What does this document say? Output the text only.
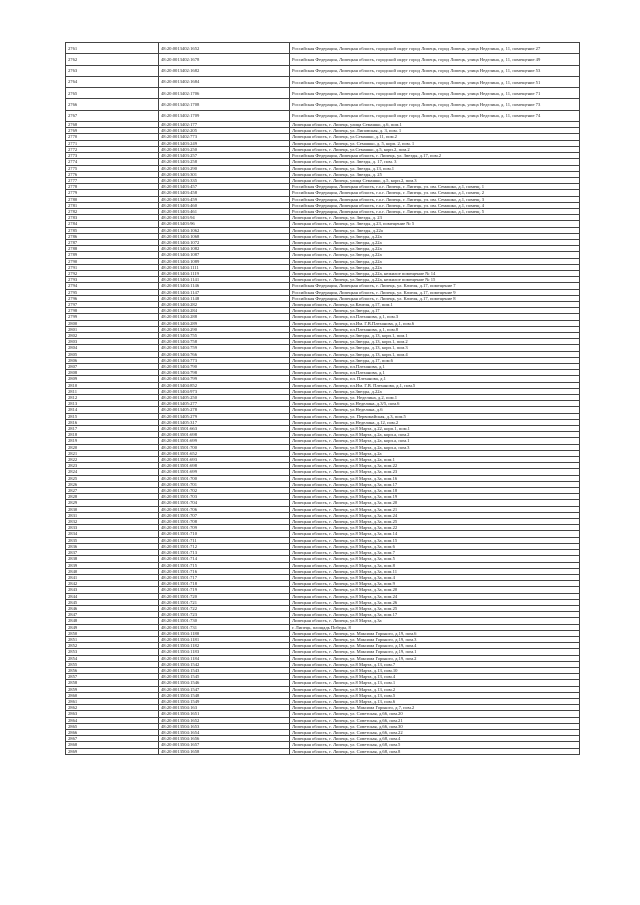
2761	48:20:0013402:1652	Российская Федерация, Липецкая область, городской округ город Липецк, город Липецк, улица Неделина, д. 11, помещение 27
2762	48:20:0013402:1678	Российская Федерация, Липецкая область, городской округ город Липецк, город Липецк, улица Неделина, д. 11, помещение 49
2763	48:20:0013402:1682	Российская Федерация, Липецкая область, городской округ город Липецк, город Липецк, улица Неделина, д. 11, помещение 53
2764	48:20:0013402:1684	Российская Федерация, Липецкая область, городской округ город Липецк, город Липецк, улица Неделина, д. 11, помещение 51
2765	48:20:0013402:1706	Российская Федерация, Липецкая область, городской округ город Липецк, город Липецк, улица Неделина, д. 11, помещение 71
2766	48:20:0013402:1708	Российская Федерация, Липецкая область, городской округ город Липецк, город Липецк, улица Неделина, д. 11, помещение 73
2767	48:20:0013402:1709	Российская Федерация, Липецкая область, городской округ город Липецк, город Липецк, улица Неделина, д. 11, помещение 74
2768	48:20:0013402:177	Липецкая область, г. Липецк, улица Семашко, д.6, пом.1
2769	48:20:0013402:205	Липецкая область, г. Липецк, ул. Липовская, д. 3, пом. 1
2770	48:20:0013402:773	Липецкая область, г. Липецк, ул.Семашко, д.11, пом.2
2771	48:20:0013403:249	Липецкая область, г. Липецк, ул. Семашко, д. 5, корп. 2, пом. 1
2772	48:20:0013403:250	Липецкая область, г. Липецк, ул.Семашко, д.5, корп.2, пом.2
2773	48:20:0013403:257	Российская Федерация, Липецкая область, г. Липецк, ул. Звезды, д.17, пом.2
2774	48:20:0013403:258	Липецкая область, г. Липецк, ул. Звезды, д. 17, пом. 3
2775	48:20:0013403:290	Липецкая область, г. Липецк, ул. Звезды, д.13, пом.1
2776	48:20:0013403:301	Липецкая область, г. Липецк, ул. Звезды, д. 25
2777	48:20:0013403:335	Липецкая область, г. Липецк, улица Семашко, д.5, корп.2, пом.3
2778	48:20:0013403:457	Российская Федерация, Липецкая область, г.о.г. Липецк, г. Липецк, ул. им. Семашко, д.1, помещ. 1
2779	48:20:0013403:458	Российская Федерация, Липецкая область, г.о.г. Липецк, г. Липецк, ул. им. Семашко, д.1, помещ. 2
2780	48:20:0013403:459	Российская Федерация, Липецкая область, г.о.г. Липецк, г. Липецк, ул. им. Семашко, д.1, помещ. 3
2781	48:20:0013403:460	Российская Федерация, Липецкая область, г.о.г. Липецк, г. Липецк, ул. им. Семашко, д.1, помещ. 4
2782	48:20:0013403:461	Российская Федерация, Липецкая область, г.о.г. Липецк, г. Липецк, ул. им. Семашко, д.1, помещ. 5
2783	48:20:0013403:94	Липецкая область, г. Липецк, ул. Звезды, д. 23
2784	48:20:0013403:96	Липецкая область, г. Липецк, ул. Звезды, д.23, помещение № 5
2785	48:20:0013404:1062	Липецкая область, г. Липецк, ул. Звезды, д.22а
2786	48:20:0013404:1068	Липецкая область, г. Липецк, ул.Звезды, д.22а
2787	48:20:0013404:1072	Липецкая область, г. Липецк, ул.Звезды, д.22а
2788	48:20:0013404:1082	Липецкая область, г. Липецк, ул.Звезды, д.22а
2789	48:20:0013404:1087	Липецкая область, г. Липецк, ул.Звезды, д.22а
2790	48:20:0013404:1089	Липецкая область, г. Липецк, ул.Звезды, д.22а
2791	48:20:0013404:1111	Липецкая область, г. Липецк, ул.Звезды, д.22а
2792	48:20:0013404:1119	Липецкая область, г. Липецк, ул.Звезды, д.22а, нежилое помещение № 14
2793	48:20:0013404:1141	Липецкая область, г. Липецк, ул.Звезды, д.22а, нежилое помещение № 15
2794	48:20:0013404:1146	Российская Федерация, Липецкая область, г. Липецк, ул. Качеля, д.17, помещение 7
2795	48:20:0013404:1147	Российская Федерация, Липецкая область, г. Липецк, ул. Качеля, д.17, помещение 9
2796	48:20:0013404:1148	Российская Федерация, Липецкая область, г. Липецк, ул. Качеля, д.17, помещение 8
2797	48:20:0013404:282	Липецкая область, г. Липецк, ул.Качеля, д.17, пом.1
2798	48:20:0013404:284	Липецкая область, г. Липецк, ул.Звезды, д.17
2799	48:20:0013404:288	Липецкая область, г. Липецк, пл.Плеханова, д.1, пом.3
2800	48:20:0013404:289	Липецкая область, г. Липецк, пл.Им. Г.В.Плеханова, д.1, пом.6
2801	48:20:0013404:290	Липецкая область, г. Липецк, пл.Плеханова, д.1, пом.8
2802	48:20:0013404:755	Липецкая область, г. Липецк, ул.Звезды, д.13, корп.1, пом.1
2803	48:20:0013404:758	Липецкая область, г. Липецк, ул.Звезды, д.13, корп.1, пом.2
2804	48:20:0013404:759	Липецкая область, г. Липецк, ул.Звезды, д.13, корп.1, пом.3
2805	48:20:0013404:766	Липецкая область, г. Липецк, ул.Звезды, д.13, корп.1, пом.4
2806	48:20:0013404:773	Липецкая область, г. Липецк, ул.Звезды, д.17, пом.6
2807	48:20:0013404:790	Липецкая область, г. Липецк, пл.Плеханова, д.1
2808	48:20:0013404:798	Липецкая область, г. Липецк, пл.Плеханова, д.1
2809	48:20:0013404:799	Липецкая область, г. Липецк, пл. Плеханова, д.1
2810	48:20:0013404:852	Липецкая область, г. Липецк, пл.Им. Г.В. Плеханова, д.1, пом.5
2811	48:20:0013404:973	Липецкая область, г. Липецк, ул.Звезды, д.22а
2812	48:20:0013405:250	Липецкая область, г. Липецк, ул. Неделина, д.2, пом.1
2813	48:20:0013405:277	Липецкая область, г. Липецк, ул.Неделина, д.3/5, пом.6
2814	48:20:0013405:278	Липецкая область, г. Липецк, ул.Неделина, д.6
2815	48:20:0013405:279	Липецкая область, г. Липецк, ул. Первомайская, д.3, пом.5
2816	48:20:0013405:317	Липецкая область, г. Липецк, ул.Неделина, д.12, пом.2
2817	48:20:0013501:663	Липецкая область, г. Липецк, ул.8 Марта, д.22, корп.1, пом.1
2818	48:20:0013501:698	Липецкая область, г. Липецк, ул.8 Марта, д.2а, корп.а, пом.2
2819	48:20:0013501:699	Липецкая область, г. Липецк, ул.8 Марта, д.2а, корп.а, пом.1
2820	48:20:0013501:700	Липецкая область, г. Липецк, ул.8 Марта, д.2а, корп.а, пом.3
2821	48:20:0013501:652	Липецкая область, г. Липецк, ул.8 Марта, д.2а
2822	48:20:0013501:693	Липецкая область, г. Липецк, ул.8 Марта, д.2а, пом.1
2823	48:20:0013501:698	Липецкая область, г. Липецк, ул.8 Марта, д.3а, пом.22
2824	48:20:0013501:699	Липецкая область, г. Липецк, ул.8 Марта, д.3а, пом.23
2825	48:20:0013501:700	Липецкая область, г. Липецк, ул.8 Марта, д.3а, пом.16
2826	48:20:0013501:701	Липецкая область, г. Липецк, ул.8 Марта, д.3а, пом.17
2827	48:20:0013501:702	Липецкая область, г. Липецк, ул.8 Марта, д.3а, пом.18
2828	48:20:0013501:703	Липецкая область, г. Липецк, ул.8 Марта, д.3а, пом.19
2829	48:20:0013501:704	Липецкая область, г. Липецк, ул.8 Марта, д.3а, пом.20
2830	48:20:0013501:706	Липецкая область, г. Липецк, ул.8 Марта, д.3а, пом.21
2831	48:20:0013501:707	Липецкая область, г. Липецк, ул.8 Марта, д.3а, пом.24
2832	48:20:0013501:708	Липецкая область, г. Липецк, ул.8 Марта, д.3а, пом.25
2833	48:20:0013501:709	Липецкая область, г. Липецк, ул.8 Марта, д.3а, пом.22
2834	48:20:0013501:710	Липецкая область, г. Липецк, ул.8 Марта, д.3а, пом.14
2835	48:20:0013501:711	Липецкая область, г. Липецк, ул.8 Марта, д.3а, пом.15
2836	48:20:0013501:712	Липецкая область, г. Липецк, ул.8 Марта, д.3а, пом.6
2837	48:20:0013501:713	Липецкая область, г. Липецк, ул.8 Марта, д.3а, пом.7
2838	48:20:0013501:714	Липецкая область, г. Липецк, ул.8 Марта, д.3а, пом.5
2839	48:20:0013501:715	Липецкая область, г. Липецк, ул.8 Марта, д.3а, пом.8
2840	48:20:0013501:716	Липецкая область, г. Липецк, ул.8 Марта, д.3а, пом.11
2841	48:20:0013501:717	Липецкая область, г. Липецк, ул.8 Марта, д.3а, пом.4
2842	48:20:0013501:718	Липецкая область, г. Липецк, ул.8 Марта, д.3а, пом.9
2843	48:20:0013501:719	Липецкая область, г. Липецк, ул.8 Марта, д.3а, пом.20
2844	48:20:0013501:720	Липецкая область, г. Липецк, ул.8 Марта, д.3а, пом.24
2845	48:20:0013501:721	Липецкая область, г. Липецк, ул.8 Марта, д.3а, пом.26
2846	48:20:0013501:722	Липецкая область, г. Липецк, ул.8 Марта, д.3а, пом.25
2847	48:20:0013501:723	Липецкая область, г. Липецк, ул.8 Марта, д.3а, пом.17
2848	48:20:0013501:730	Липецкая область, г. Липецк, ул.8 Марта, д.3а
2849	48:20:0013501:731	г. Липецк, площадь Победы, 8
2850	48:20:0013504:1180	Липецкая область, г. Липецк, ул. Максима Горького, д.19, пом.6
2851	48:20:0013504:1181	Липецкая область, г. Липецк, ул. Максима Горького, д.19, пом.3
2852	48:20:0013504:1182	Липецкая область, г. Липецк, ул. Максима Горького, д.19, пом.4
2853	48:20:0013504:1183	Липецкая область, г. Липецк, ул. Максима Горького, д.19, пом.1
2854	48:20:0013504:1184	Липецкая область, г. Липецк, ул. Максима Горького, д.19, пом.2
2855	48:20:0013504:1542	Липецкая область, г. Липецк, ул.8 Марта, д.13, пом.7
2856	48:20:0013504:1543	Липецкая область, г. Липецк, ул.8 Марта, д.13, пом.10
2857	48:20:0013504:1545	Липецкая область, г. Липецк, ул.8 Марта, д.13, пом.4
2858	48:20:0013504:1546	Липецкая область, г. Липецк, ул.8 Марта, д.13, пом.1
2859	48:20:0013504:1547	Липецкая область, г. Липецк, ул.8 Марта, д.13, пом.2
2860	48:20:0013504:1548	Липецкая область, г. Липецк, ул.8 Марта, д.13, пом.5
2861	48:20:0013504:1549	Липецкая область, г. Липецк, ул.8 Марта, д.13, пом.6
2862	48:20:0013504:163	Липецкая область, г. Липецк, ул. Максима Горького, д.7, пом.2
2863	48:20:0013504:1651	Липецкая область, г. Липецк, ул. Советская, д.66, пом.20
2864	48:20:0013504:1652	Липецкая область, г. Липецк, ул. Советская, д.66, пом.21
2865	48:20:0013504:1653	Липецкая область, г. Липецк, ул. Советская, д.66, пом.30
2866	48:20:0013504:1654	Липецкая область, г. Липецк, ул. Советская, д.66, пом.22
2867	48:20:0013504:1656	Липецкая область, г. Липецк, ул. Советская, д.68, пом.4
2868	48:20:0013504:1657	Липецкая область, г. Липецк, ул. Советская, д.68, пом.5
2869	48:20:0013504:1658	Липецкая область, г. Липецк, ул. Советская, д.68, пом.8
